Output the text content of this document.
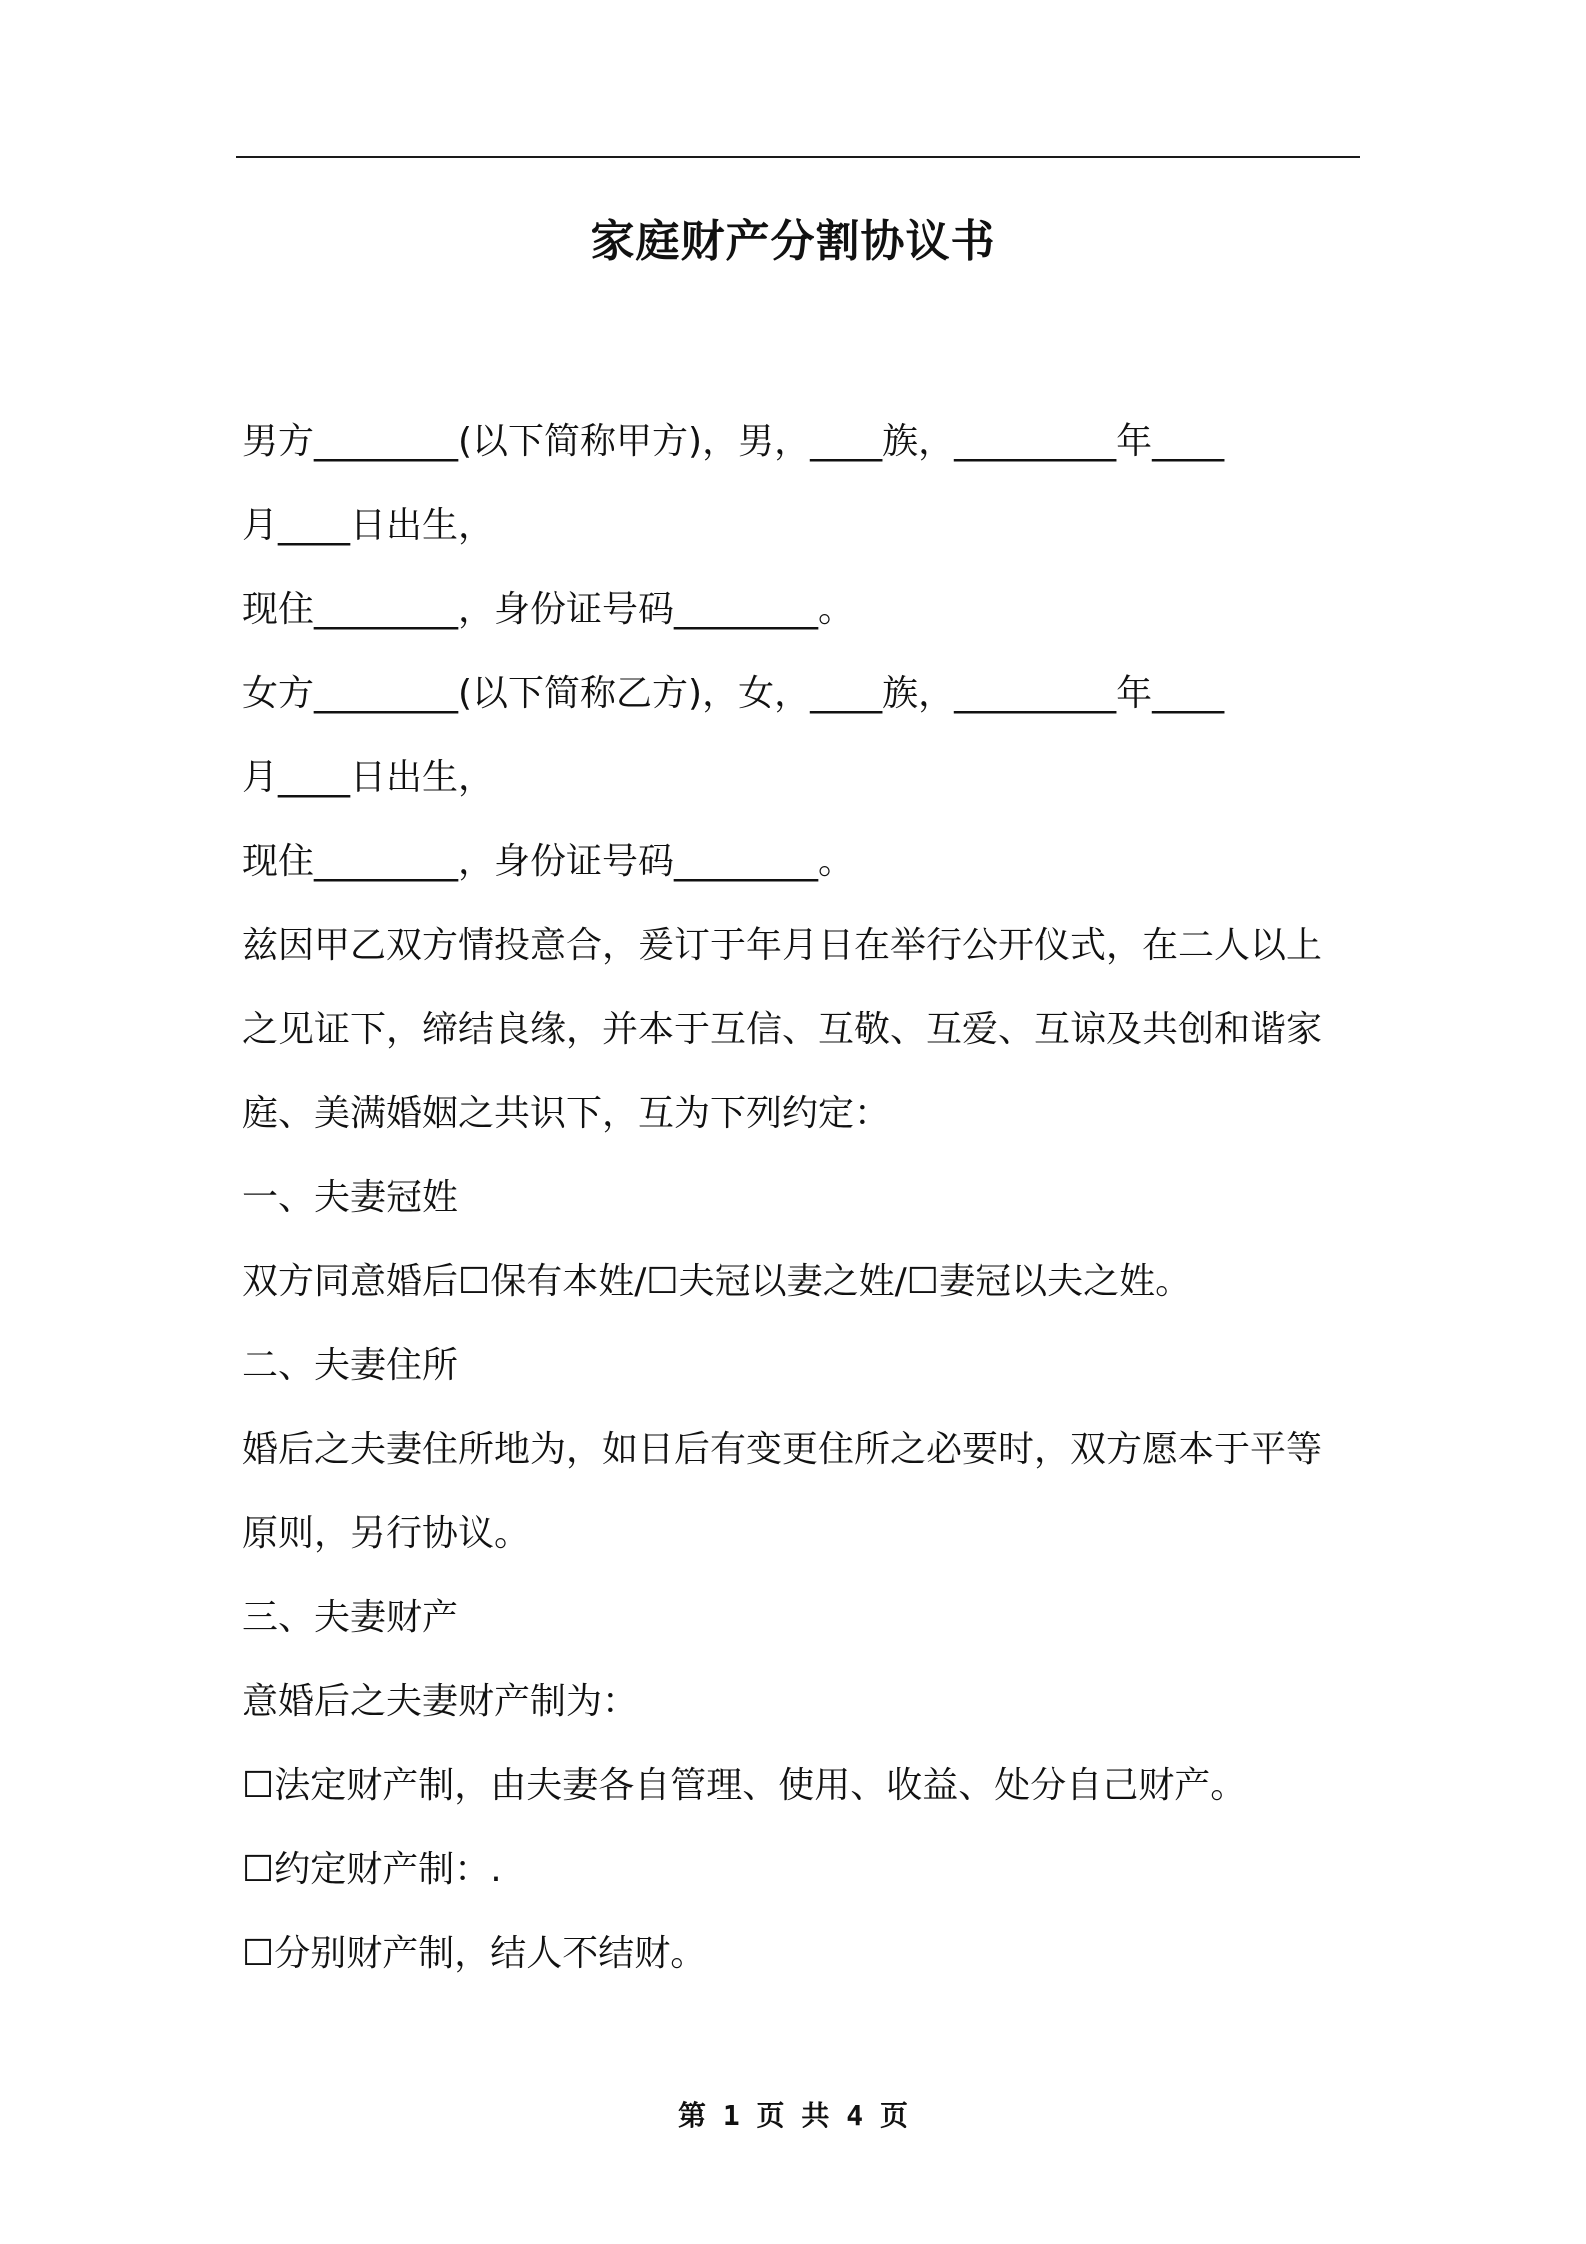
家庭财产分割协议书
男方________(以下简称甲方)，男，____族，_________年____
月____日出生，
现住________，身份证号码________。
女方________(以下简称乙方)，女，____族，_________年____
月____日出生，
现住________，身份证号码________。
兹因甲乙双方情投意合，爰订于年月日在举行公开仪式，在二人以上
之见证下，缔结良缘，并本于互信、互敬、互爱、互谅及共创和谐家
庭、美满婚姻之共识下，互为下列约定：
一、夫妻冠姓
双方同意婚后☐保有本姓/☐夫冠以妻之姓/☐妻冠以夫之姓。
二、夫妻住所
婚后之夫妻住所地为，如日后有变更住所之必要时，双方愿本于平等
原则，另行协议。
三、夫妻财产
意婚后之夫妻财产制为：
☐法定财产制，由夫妻各自管理、使用、收益、处分自己财产。
☐约定财产制：.
☐分别财产制，结人不结财。
第 1 页 共 4 页
